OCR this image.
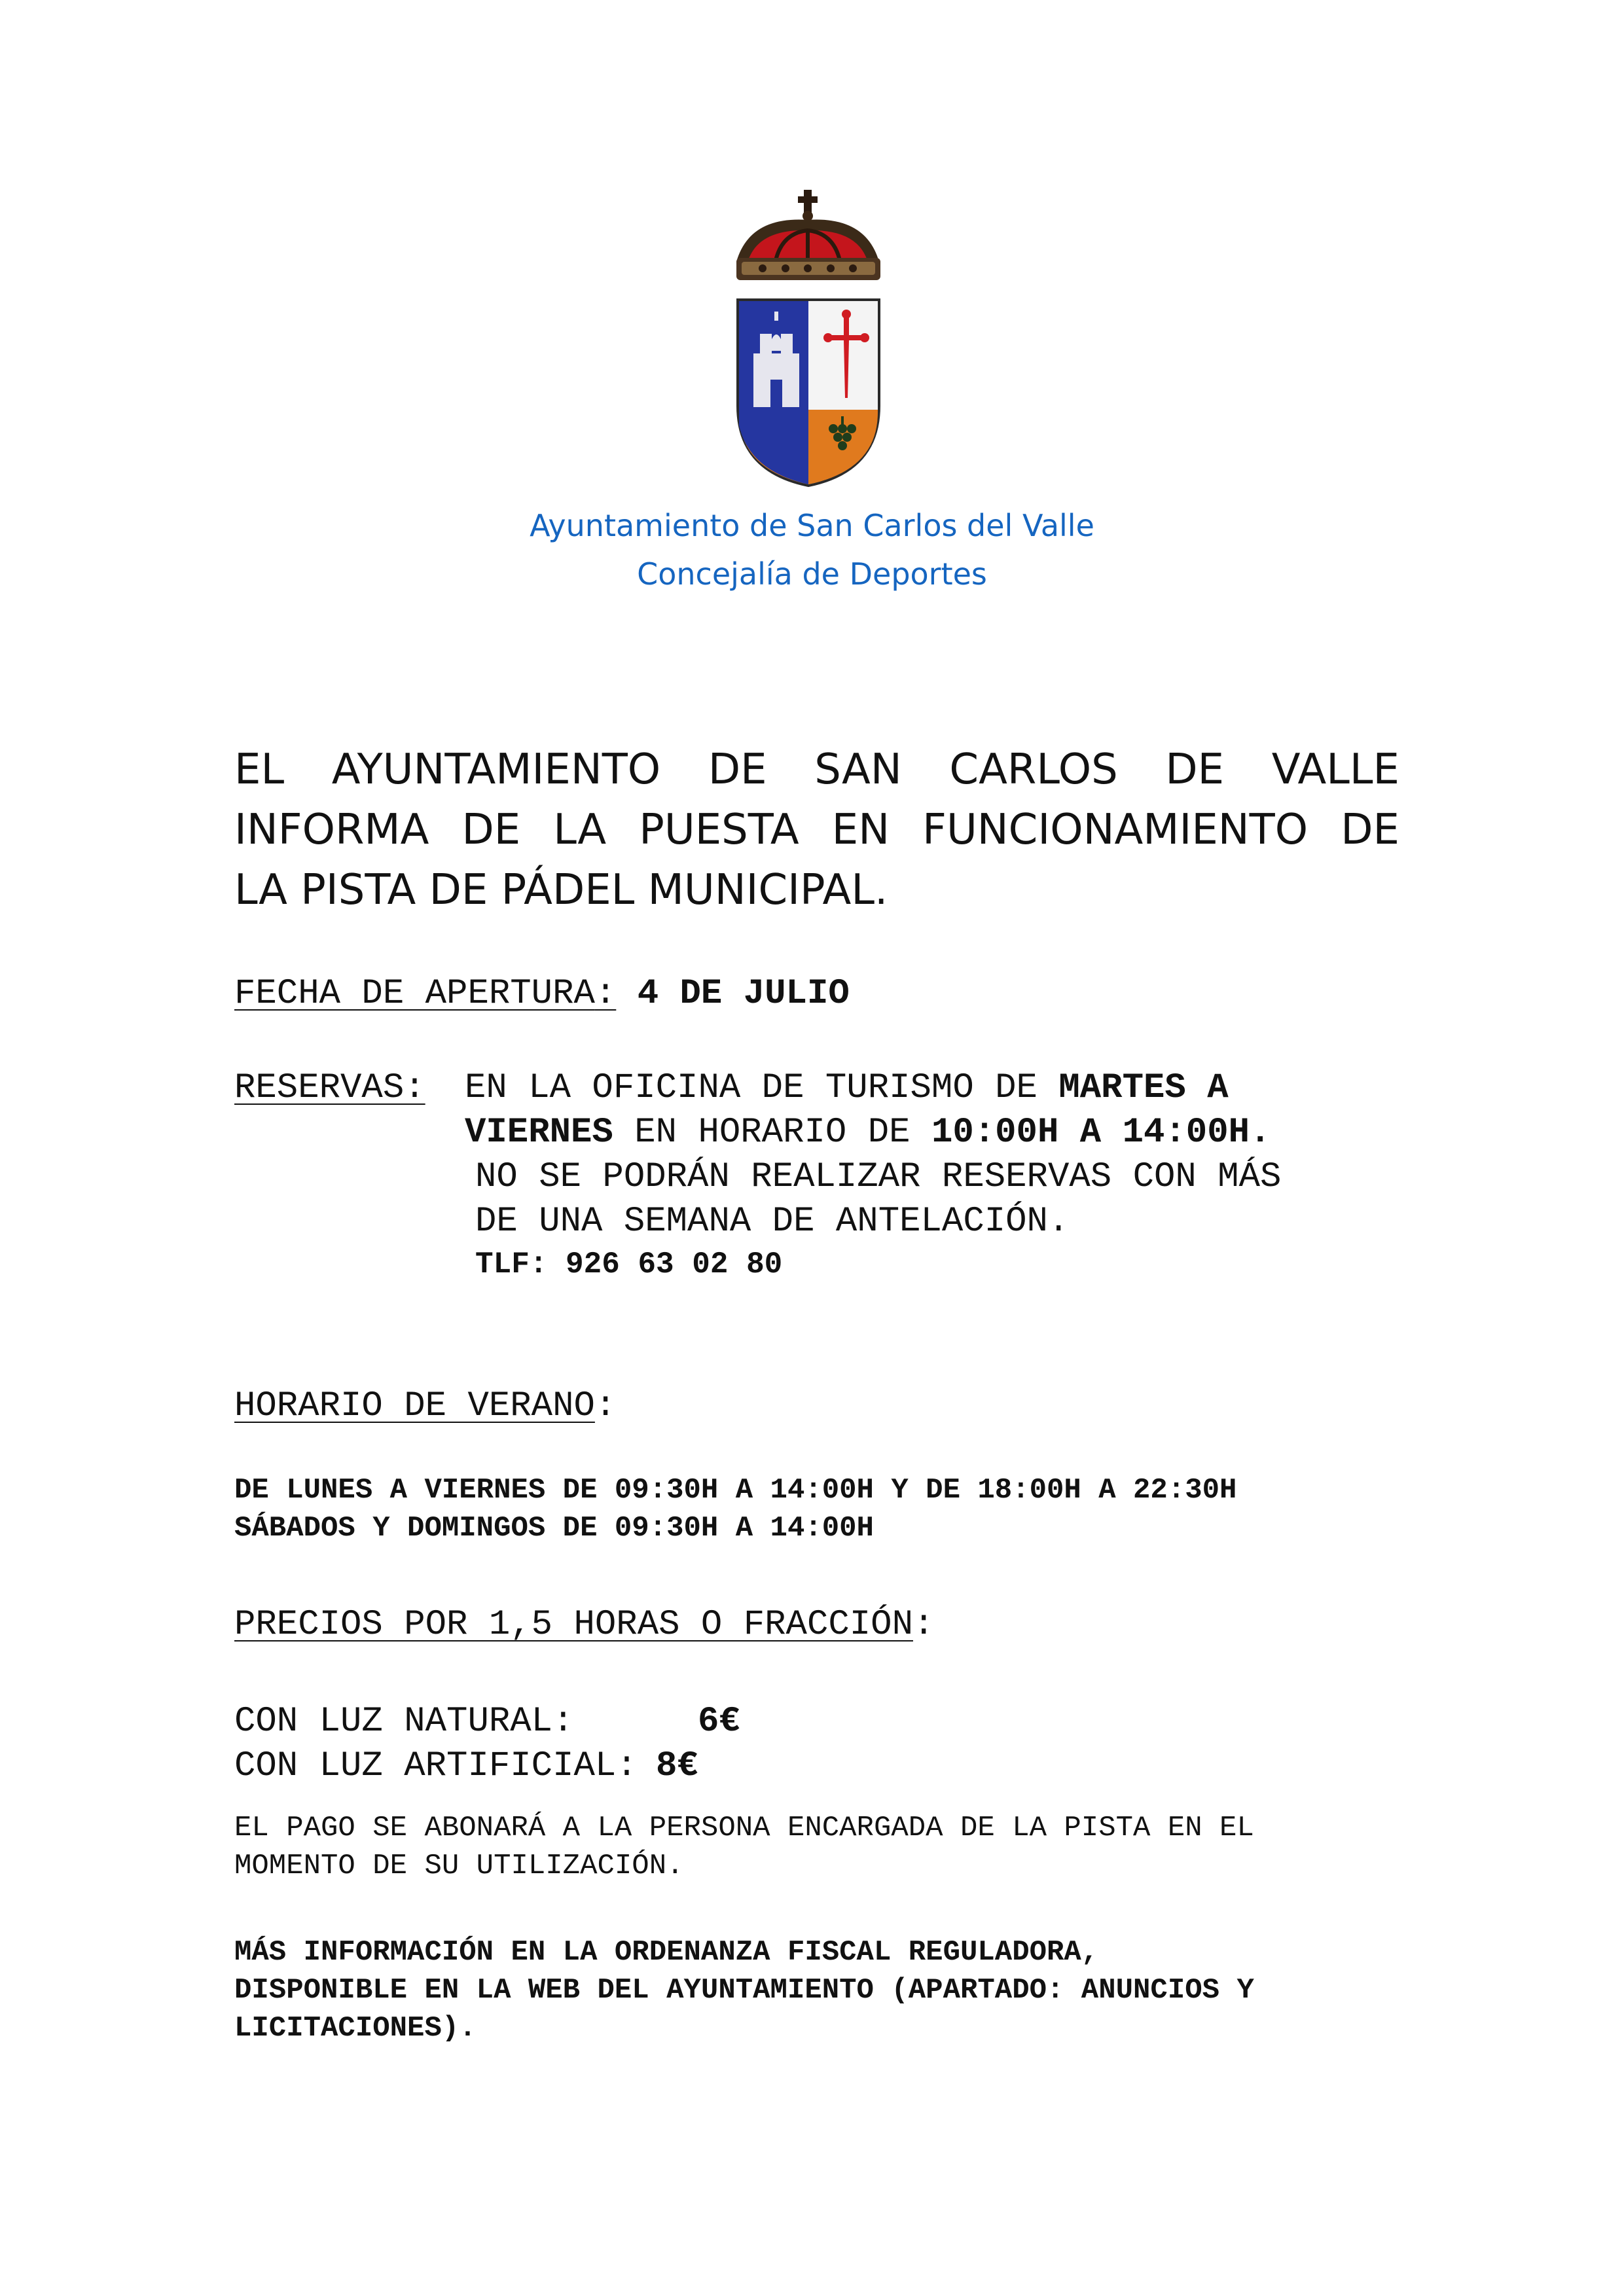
Ayuntamiento de San Carlos del Valle
Concejalía de Deportes
EL AYUNTAMIENTO DE SAN CARLOS DE VALLE
INFORMA DE LA PUESTA EN FUNCIONAMIENTO DE
LA PISTA DE PÁDEL MUNICIPAL.
FECHA DE APERTURA: 4 DE JULIO
RESERVAS: EN LA OFICINA DE TURISMO DE MARTES A
VIERNES EN HORARIO DE 10:00H A 14:00H.
NO SE PODRÁN REALIZAR RESERVAS CON MÁS
DE UNA SEMANA DE ANTELACIÓN.
TLF: 926 63 02 80
HORARIO DE VERANO:
DE LUNES A VIERNES DE 09:30H A 14:00H Y DE 18:00H A 22:30H
SÁBADOS Y DOMINGOS DE 09:30H A 14:00H
PRECIOS POR 1,5 HORAS O FRACCIÓN:
CON LUZ NATURAL:	6€
CON LUZ ARTIFICIAL: 8€
EL PAGO SE ABONARÁ A LA PERSONA ENCARGADA DE LA PISTA EN EL
MOMENTO DE SU UTILIZACIÓN.
MÁS INFORMACIÓN EN LA ORDENANZA FISCAL REGULADORA,
DISPONIBLE EN LA WEB DEL AYUNTAMIENTO (APARTADO: ANUNCIOS Y
LICITACIONES).
